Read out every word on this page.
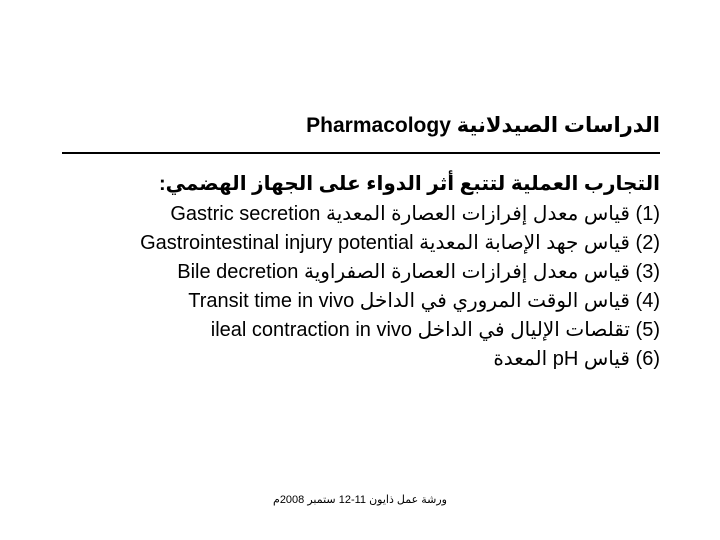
الدراسات الصيدلانية Pharmacology
التجارب العملية لتتبع أثر الدواء على الجهاز الهضمي:
(1) قياس معدل إفرازات العصارة المعدية Gastric secretion
(2) قياس جهد الإصابة المعدية Gastrointestinal injury potential
(3) قياس معدل إفرازات العصارة الصفراوية Bile decretion
(4) قياس الوقت المروري في الداخل Transit time in vivo
(5) تقلصات الإليال في الداخل ileal contraction in vivo
(6) قياس pH المعدة
ورشة عمل ذايون 11-12 ستمبر 2008م
